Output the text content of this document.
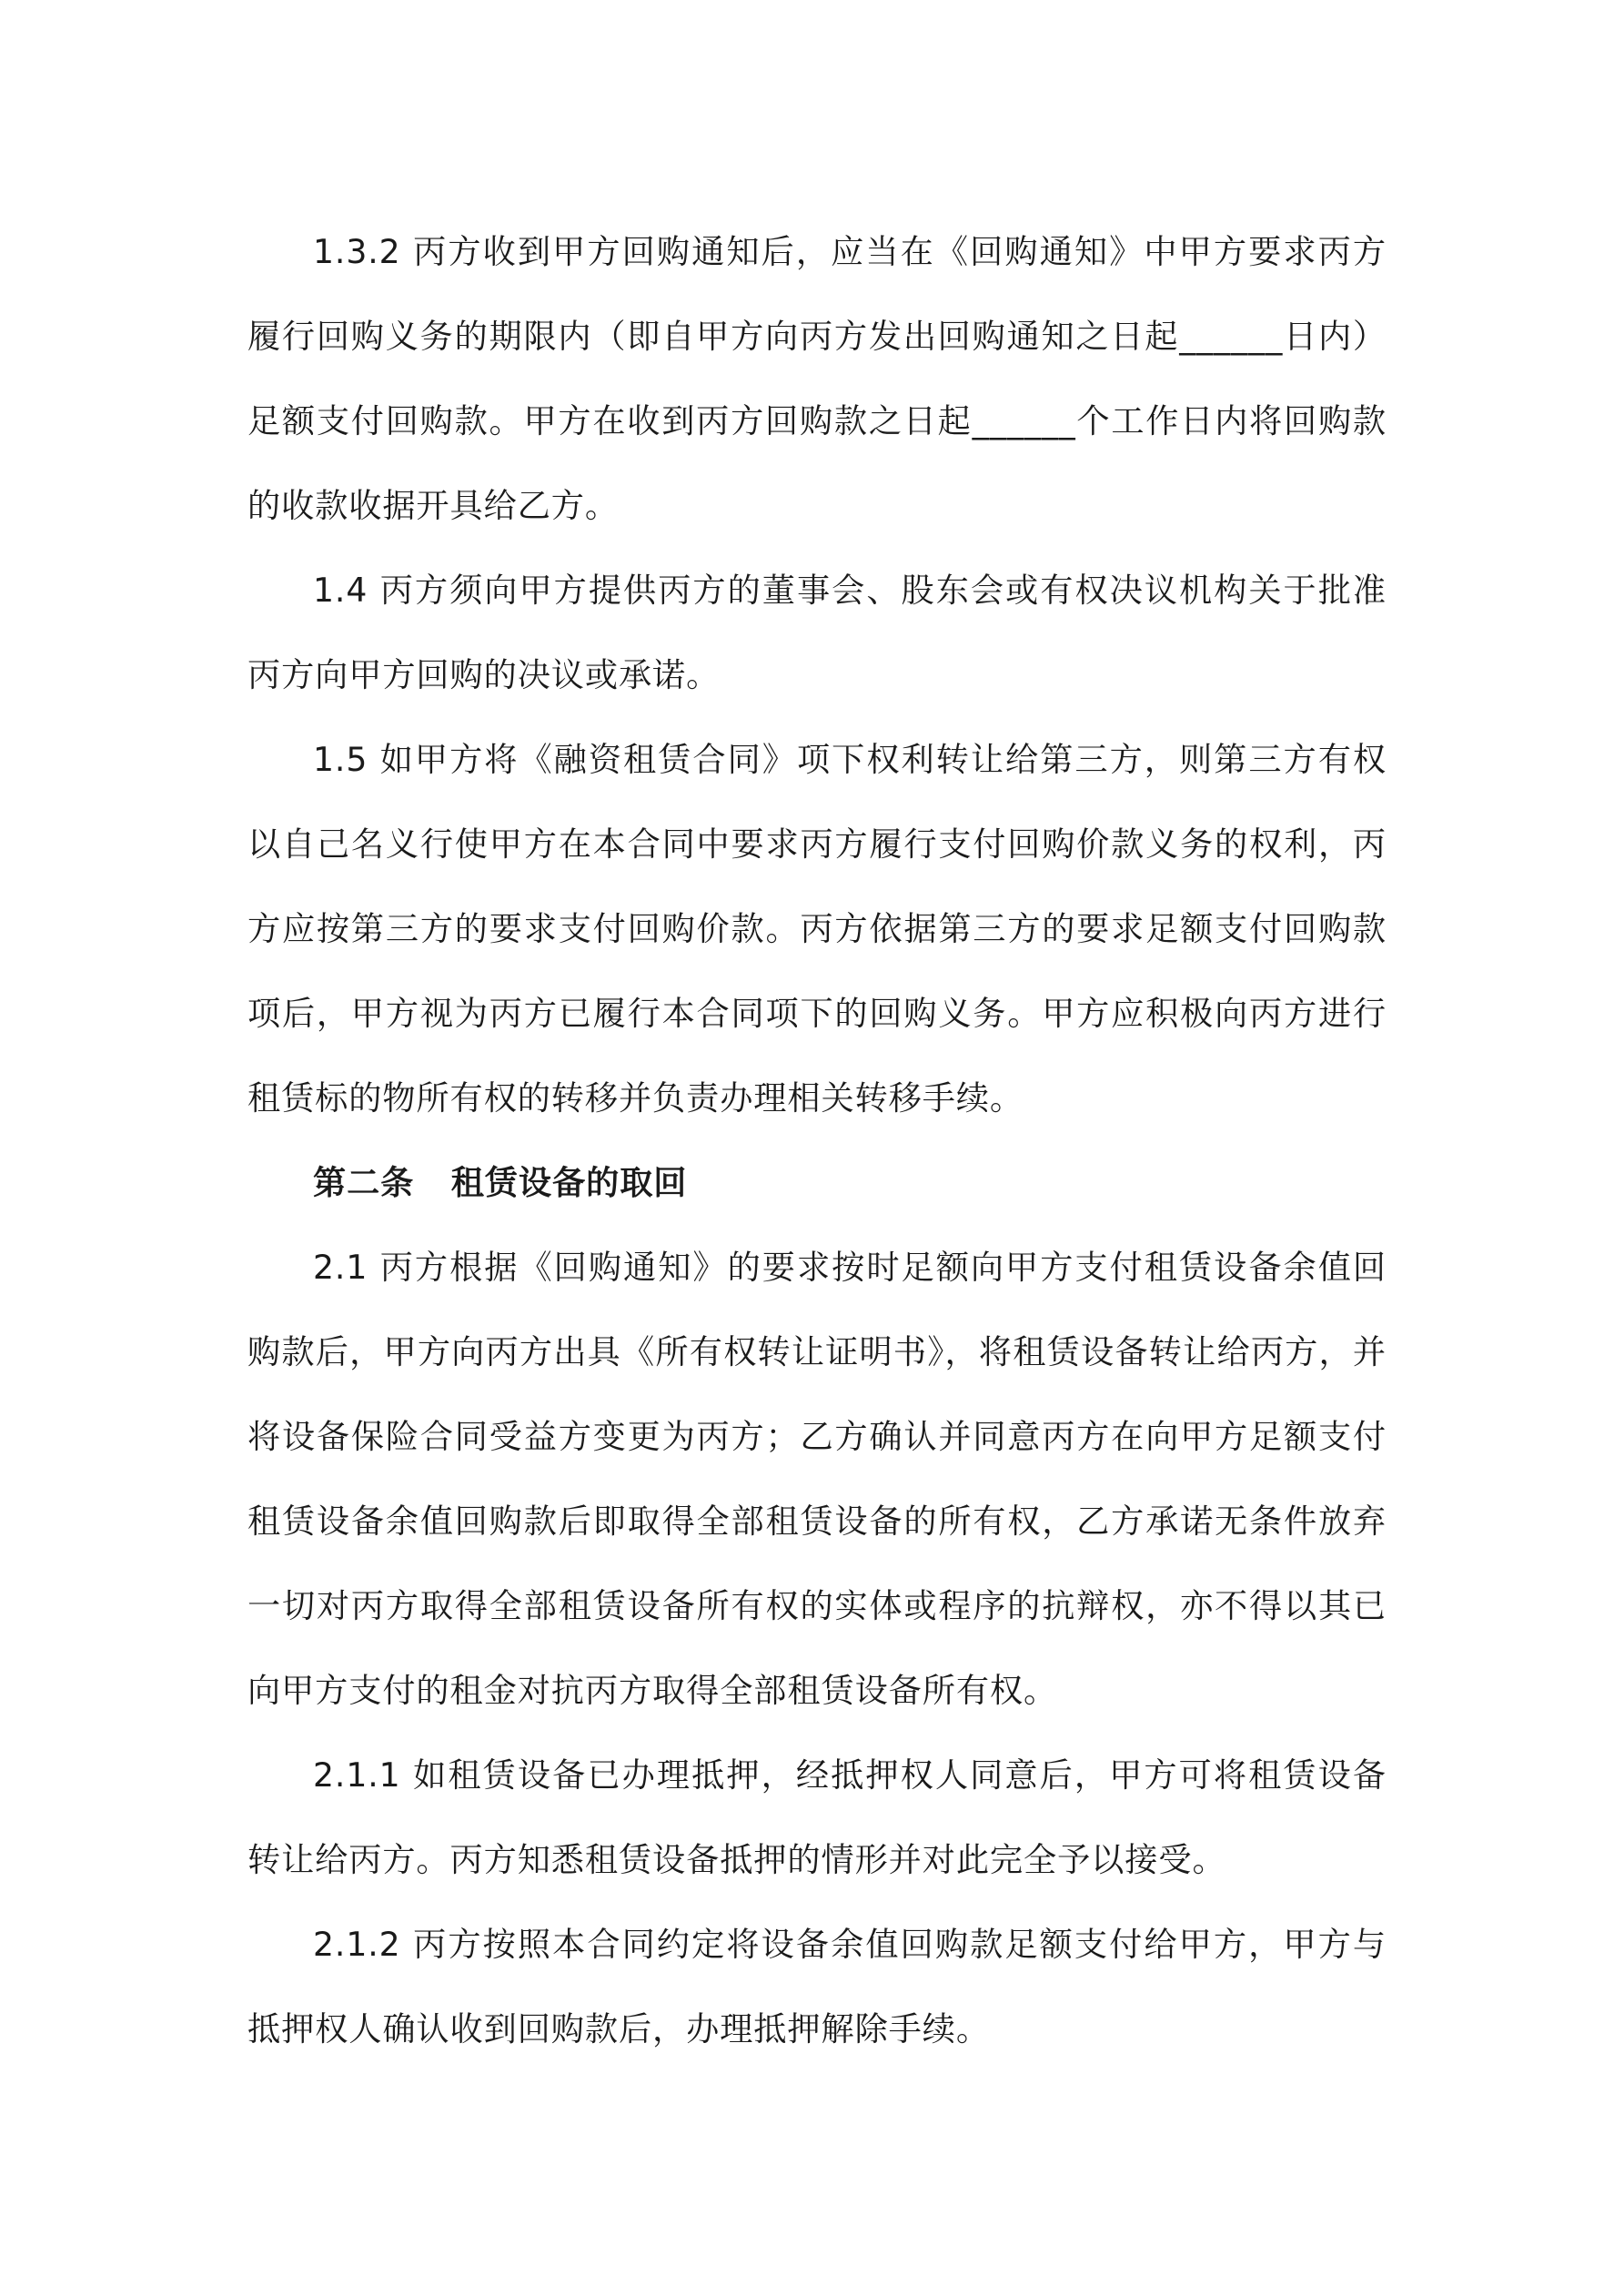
1.3.2 丙方收到甲方回购通知后，应当在《回购通知》中甲方要求丙方履行回购义务的期限内（即自甲方向丙方发出回购通知之日起______日内）足额支付回购款。甲方在收到丙方回购款之日起______个工作日内将回购款的收款收据开具给乙方。

1.4 丙方须向甲方提供丙方的董事会、股东会或有权决议机构关于批准丙方向甲方回购的决议或承诺。

1.5 如甲方将《融资租赁合同》项下权利转让给第三方，则第三方有权以自己名义行使甲方在本合同中要求丙方履行支付回购价款义务的权利，丙方应按第三方的要求支付回购价款。丙方依据第三方的要求足额支付回购款项后，甲方视为丙方已履行本合同项下的回购义务。甲方应积极向丙方进行租赁标的物所有权的转移并负责办理相关转移手续。

第二条   租赁设备的取回

2.1 丙方根据《回购通知》的要求按时足额向甲方支付租赁设备余值回购款后，甲方向丙方出具《所有权转让证明书》，将租赁设备转让给丙方，并将设备保险合同受益方变更为丙方；乙方确认并同意丙方在向甲方足额支付租赁设备余值回购款后即取得全部租赁设备的所有权，乙方承诺无条件放弃一切对丙方取得全部租赁设备所有权的实体或程序的抗辩权，亦不得以其已向甲方支付的租金对抗丙方取得全部租赁设备所有权。

2.1.1 如租赁设备已办理抵押，经抵押权人同意后，甲方可将租赁设备转让给丙方。丙方知悉租赁设备抵押的情形并对此完全予以接受。

2.1.2 丙方按照本合同约定将设备余值回购款足额支付给甲方，甲方与抵押权人确认收到回购款后，办理抵押解除手续。
